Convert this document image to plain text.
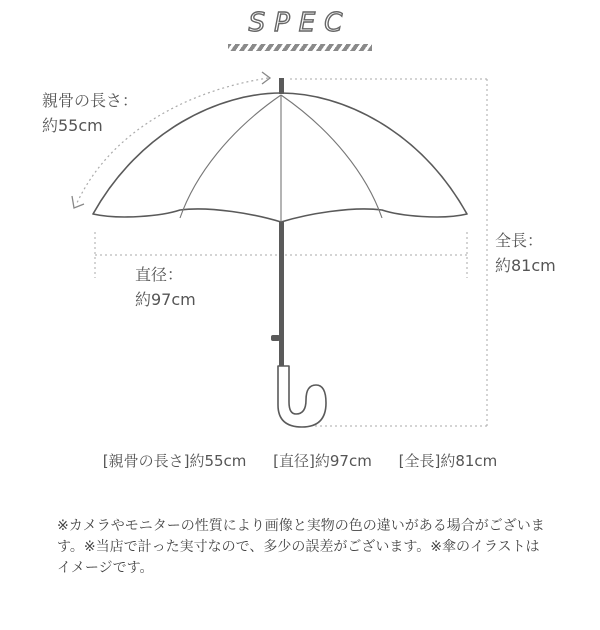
SPEC
親骨の長さ：
約55cm
直径：
約97cm
全長：
約81cm
[親骨の長さ]約55cm [直径]約97cm [全長]約81cm
※カメラやモニターの性質により画像と実物の色の違いがある場合がございます。※当店で計った実寸なので、多少の誤差がございます。※傘のイラストはイメージです。
